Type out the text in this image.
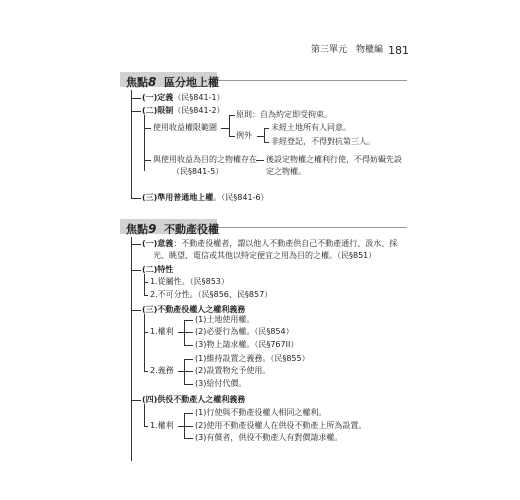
第三單元　物權編 181
焦點8 區分地上權
(一)定義（民§841-1）
(二)限制（民§841-2）
使用收益權限範圍
原則：自為約定即受拘束。
例外
未經土地所有人同意。
非經登記，不得對抗第三人。
與使用收益為目的之物權存在
（民§841-5）
後設定物權之權利行使，不得妨礙先設
定之物權。
(三)準用普通地上權。（民§841-6）
焦點9 不動產役權
(一)意義：不動產役權者，謂以他人不動產供自己不動產通行、汲水、採
光、眺望、電信或其他以特定便宜之用為目的之權。（民§851）
(二)特性
1.從屬性。（民§853）
2.不可分性。（民§856、民§857）
(三)不動產役權人之權利義務
1.權利
(1)土地使用權。
(2)必要行為權。（民§854）
(3)物上請求權。（民§767II）
2.義務
(1)維持設置之義務。（民§855）
(2)設置物允予使用。
(3)給付代價。
(四)供役不動產人之權利義務
1.權利
(1)行使與不動產役權人相同之權利。
(2)使用不動產役權人在供役不動產上所為設置。
(3)有償者，供役不動產人有對價請求權。
